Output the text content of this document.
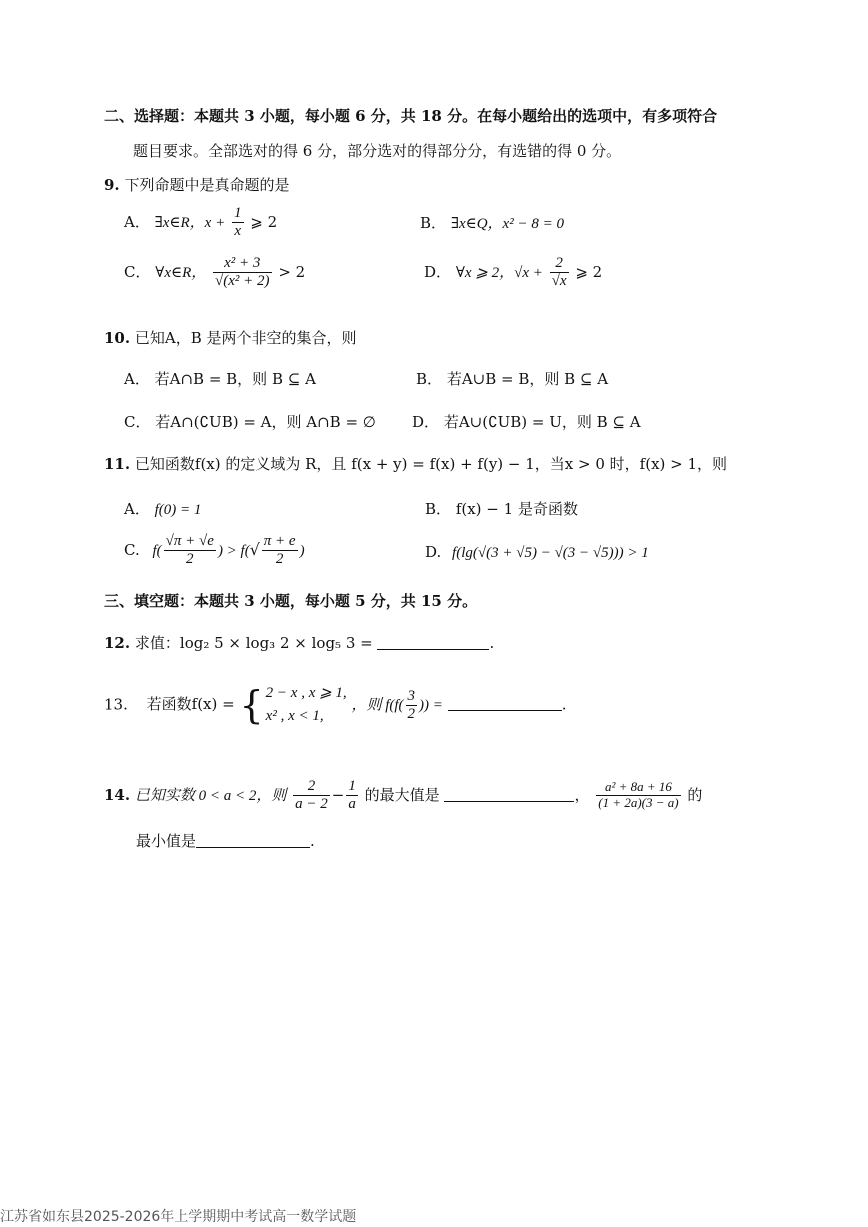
二、选择题：本题共 3 小题，每小题 6 分，共 18 分。在每小题给出的选项中，有多项符合
题目要求。全部选对的得 6 分，部分选对的得部分分，有选错的得 0 分。
9. 下列命题中是真命题的是
A． ∃x∈R，$x + \frac{1}{x}$ ⩾ 2	B． ∃x∈Q，x² − 8 = 0
C． ∀x∈R， $\frac{\text{x² + 3}}{\text{√(x² + 2)}} > 2$	D． ∀x ⩾ 2，$√x + \frac{2}{√x}$ ⩾ 2
10. 已知A，B 是两个非空的集合，则
A． 若A∩B = B，则 B ⊆ A	B． 若A∪B = B，则 B ⊆ A
C． 若A∩(∁UB) = A，则 A∩B = ∅ D． 若A∪(∁UB) = U，则 B ⊆ A
11. 已知函数f(x) 的定义域为 R，且 f(x + y) = f(x) + f(y) − 1，当x > 0 时，f(x) > 1，则
A． f(0) = 1	B． f(x) − 1 是奇函数
C. $f( \frac{√\pi + √e}{2}$ ) > $f(√ \frac{\pi + e}{2}$ )	D. f(lg(√(3 + √5) − √(3 − √5))) > 1
三、填空题：本题共 3 小题，每小题 5 分，共 15 分。
12. 求值：log₂ 5 × log₃ 2 × log₅ 3 =	.
13. 若函数f(x) = { 2 − x , x ⩾ 1,
x² , x < 1,
，则 $f(f( \frac{3}{2}$ )) =	.
14. 已知实数 0 < a < 2，则 $\frac{2}{a - 2} - \frac{1}{a}$ 的最大值是	， $\frac{\text{a² + 8a + 16}}{(1 + 2a)(3 - a)}$ 的
最小值是	.
江苏省如东县2025-2026年上学期期中考试高一数学试题
